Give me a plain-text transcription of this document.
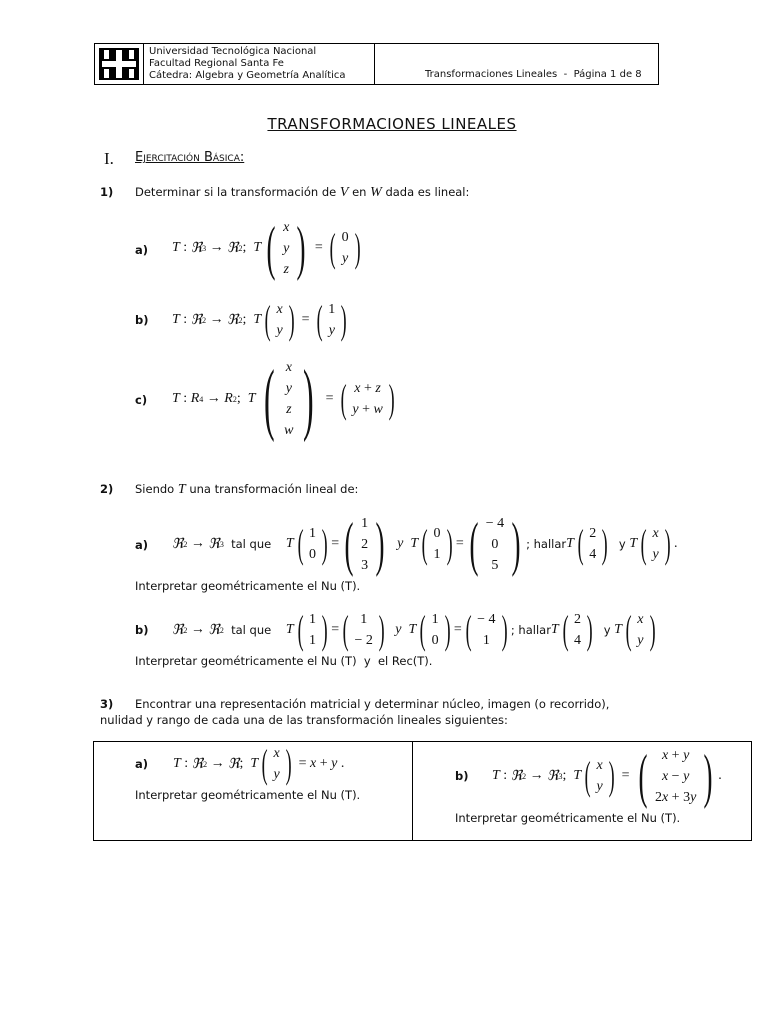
Universidad Tecnológica Nacional
Facultad Regional Santa Fe
Cátedra: Algebra y Geometría Analítica	Transformaciones Lineales  -  Página 1 de 8
TRANSFORMACIONES LINEALES
I. Ejercitación Básica:
1) Determinar si la transformación de V en W dada es lineal:
a) T : ℜ 3 → ℜ 2 ; T ( x
y
z ) = ( 0
y )
b) T : ℜ 2 → ℜ 2 ; T ( x
y ) = ( 1
y )
c) T : R 4 → R 2 ; T ( x
y
z
w ) = ( x + z
y + w )
2) Siendo T una transformación lineal de:
a) ℜ 2 → ℜ 3 tal que	T ( 1
0 ) = ( 1
2
3 )
y T ( 0
1 ) = ( − 4
0
5 ) ; hallar T ( 2
4 ) y T ( x
y ) .
Interpretar geométricamente el Nu (T).
b) ℜ 2 → ℜ 2 tal que	T ( 1
1 ) = ( 1
− 2 )
y T ( 1
0 ) = ( − 4
1 ) ; hallar T ( 2
4 ) y T ( x
y )
Interpretar geométricamente el Nu (T)  y  el Rec(T).
3) Encontrar una representación matricial y determinar núcleo, imagen (o recorrido),
nulidad y rango de cada una de las transformación lineales siguientes:
a) T : ℜ 2 → ℜ ; T ( x
y ) = x + y .
Interpretar geométricamente el Nu (T).
b) T : ℜ 2 → ℜ 3 ; T ( x
y ) = ( x + y
x − y
2x + 3y ) .
Interpretar geométricamente el Nu (T).
